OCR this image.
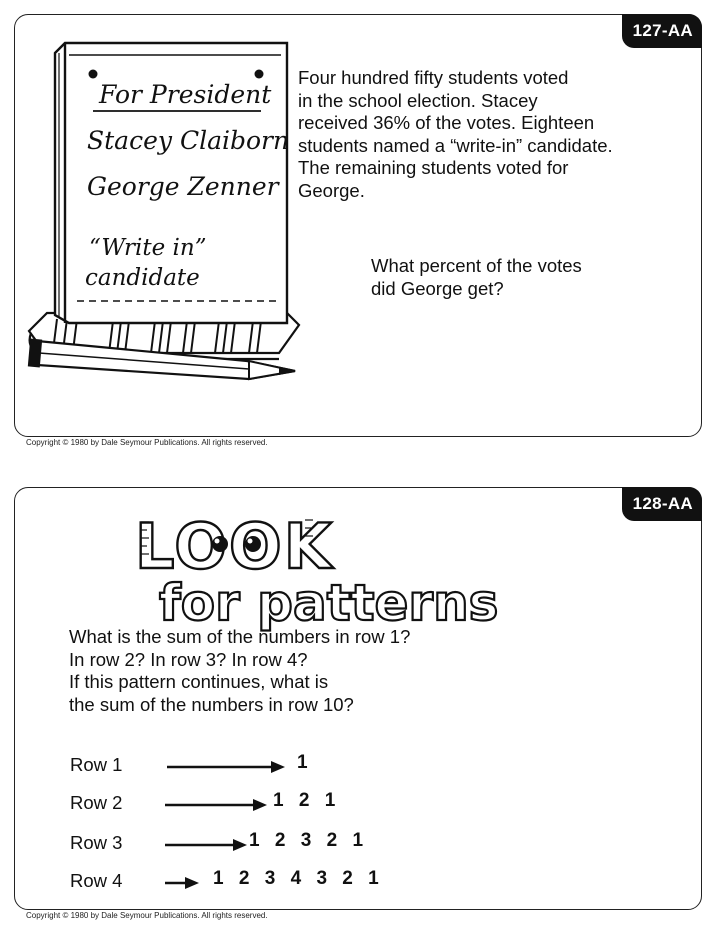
127-AA
For President
Stacey Claiborn
George Zenner
“Write in”
candidate
Four hundred fifty students voted
in the school election. Stacey
received 36% of the votes. Eighteen
students named a “write-in” candidate.
The remaining students voted for
George.
What percent of the votes
did George get?
Copyright © 1980 by Dale Seymour Publications. All rights reserved.
128-AA
LOOK
for patterns
What is the sum of the numbers in row 1?
In row 2? In row 3? In row 4?
If this pattern continues, what is
the sum of the numbers in row 10?
Row 1	1
Row 2	1 2 1
Row 3	1 2 3 2 1
Row 4	1 2 3 4 3 2 1
Copyright © 1980 by Dale Seymour Publications. All rights reserved.
